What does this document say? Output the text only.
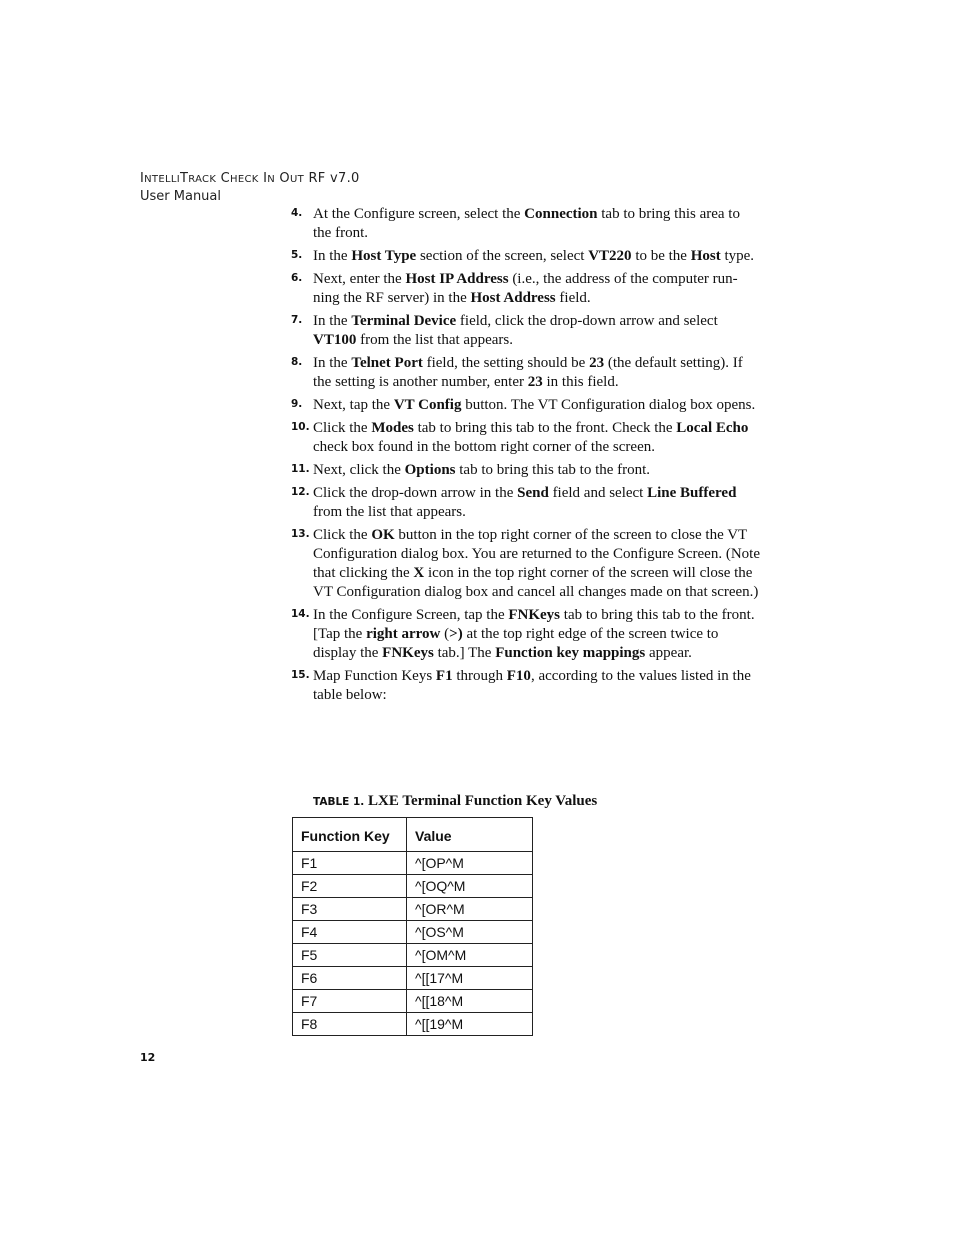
INTELLITRACK CHECK IN OUT RF v7.0
User Manual
4. At the Configure screen, select the Connection tab to bring this area to the front.
5. In the Host Type section of the screen, select VT220 to be the Host type.
6. Next, enter the Host IP Address (i.e., the address of the computer run-ning the RF server) in the Host Address field.
7. In the Terminal Device field, click the drop-down arrow and select VT100 from the list that appears.
8. In the Telnet Port field, the setting should be 23 (the default setting). If the setting is another number, enter 23 in this field.
9. Next, tap the VT Config button. The VT Configuration dialog box opens.
10. Click the Modes tab to bring this tab to the front. Check the Local Echo check box found in the bottom right corner of the screen.
11. Next, click the Options tab to bring this tab to the front.
12. Click the drop-down arrow in the Send field and select Line Buffered from the list that appears.
13. Click the OK button in the top right corner of the screen to close the VT Configuration dialog box. You are returned to the Configure Screen. (Note that clicking the X icon in the top right corner of the screen will close the VT Configuration dialog box and cancel all changes made on that screen.)
14. In the Configure Screen, tap the FNKeys tab to bring this tab to the front. [Tap the right arrow (>) at the top right edge of the screen twice to display the FNKeys tab.] The Function key mappings appear.
15. Map Function Keys F1 through F10, according to the values listed in the table below:
TABLE 1. LXE Terminal Function Key Values
Function Key	Value
F1	^[OP^M
F2	^[OQ^M
F3	^[OR^M
F4	^[OS^M
F5	^[OM^M
F6	^[[17^M
F7	^[[18^M
F8	^[[19^M
12
